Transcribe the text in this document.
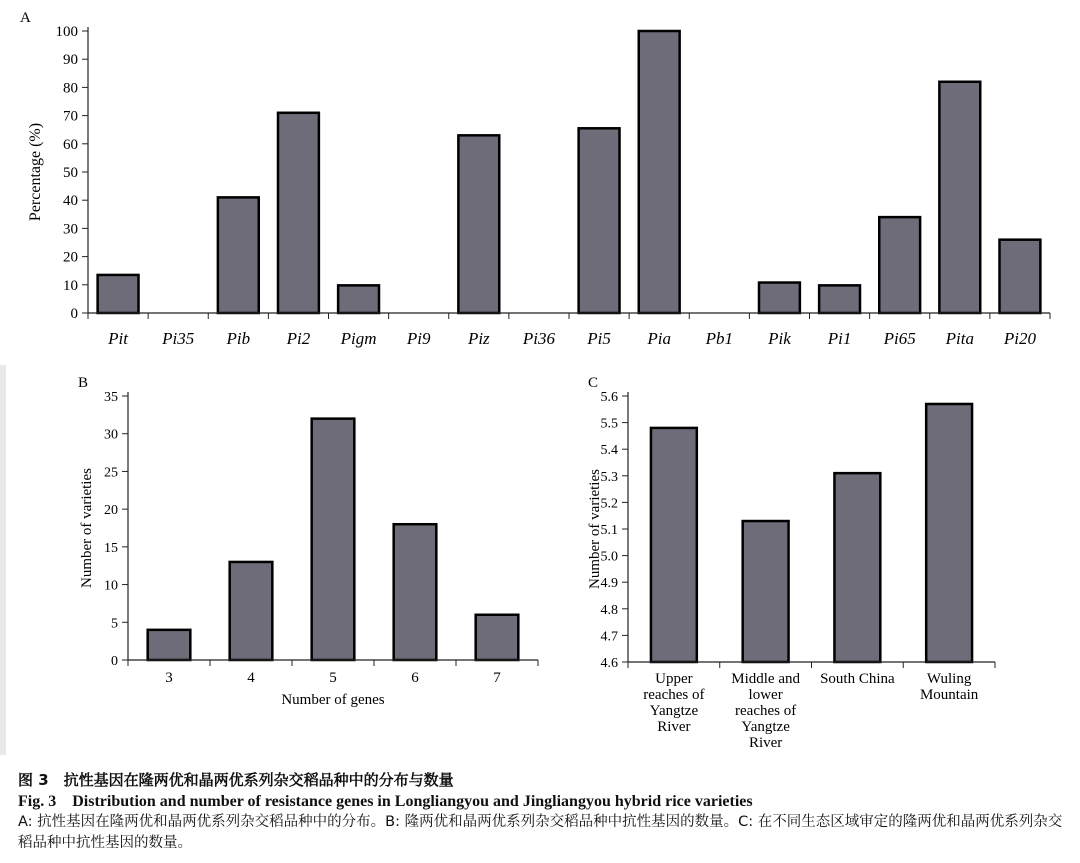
A
0
10
20
30
40
50
60
70
80
90
100
Percentage (%)
Pit Pi35 Pib Pi2 Pigm Pi9 Piz Pi36 Pi5 Pia Pb1 Pik Pi1 Pi65 Pita Pi20
B
0
5
10
15
20
25
30
35
Number of varieties
3	4	5	6	7
Number of genes
C
4.6
4.7
4.8
4.9
5.0
5.1
5.2
5.3
5.4
5.5
5.6
Number of varieties
Upper reaches of Yangtze River
Middle and lower reaches of Yangtze River
South China	Wuling Mountain
图 3　抗性基因在隆两优和晶两优系列杂交稻品种中的分布与数量
Fig. 3　Distribution and number of resistance genes in Longliangyou and Jingliangyou hybrid rice varieties
A: 抗性基因在隆两优和晶两优系列杂交稻品种中的分布。B: 隆两优和晶两优系列杂交稻品种中抗性基因的数量。C: 在不同生态区域审定的隆两优和晶两优系列杂交稻品种中抗性基因的数量。
